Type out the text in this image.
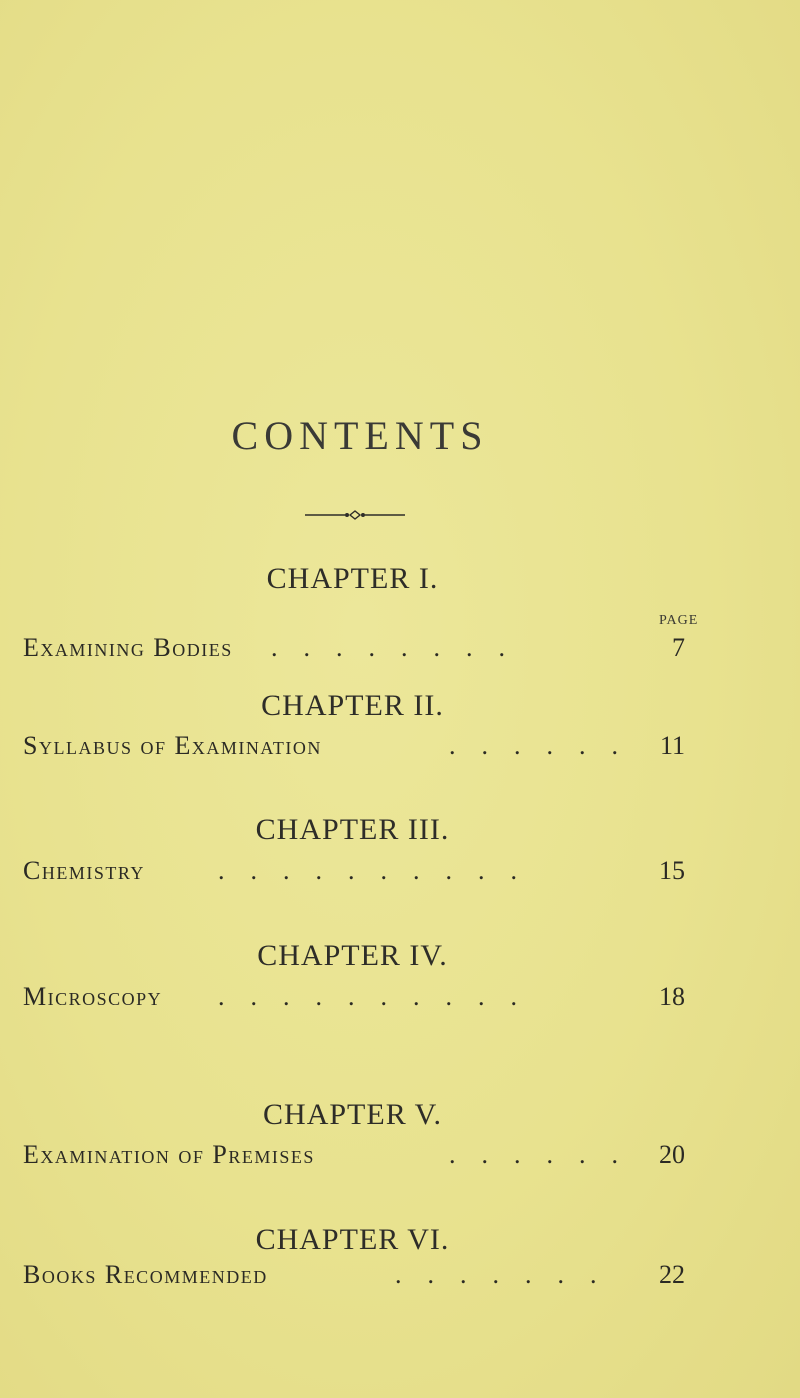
CONTENTS
CHAPTER I.
PAGE
Examining Bodies .    .    .    .    .    .    .    .	7
CHAPTER II.
Syllabus of Examination	.    .    .    .    .    . 11
CHAPTER III.
Chemistry	.    .    .    .    .    .    .    .    .    .	15
CHAPTER IV.
Microscopy .    .    .    .    .    .    .    .    .    .	18
CHAPTER V.
Examination of Premises	.    .    .    .    .    . 20
CHAPTER VI.
Books Recommended	.    .    .    .    .    .    . 22
